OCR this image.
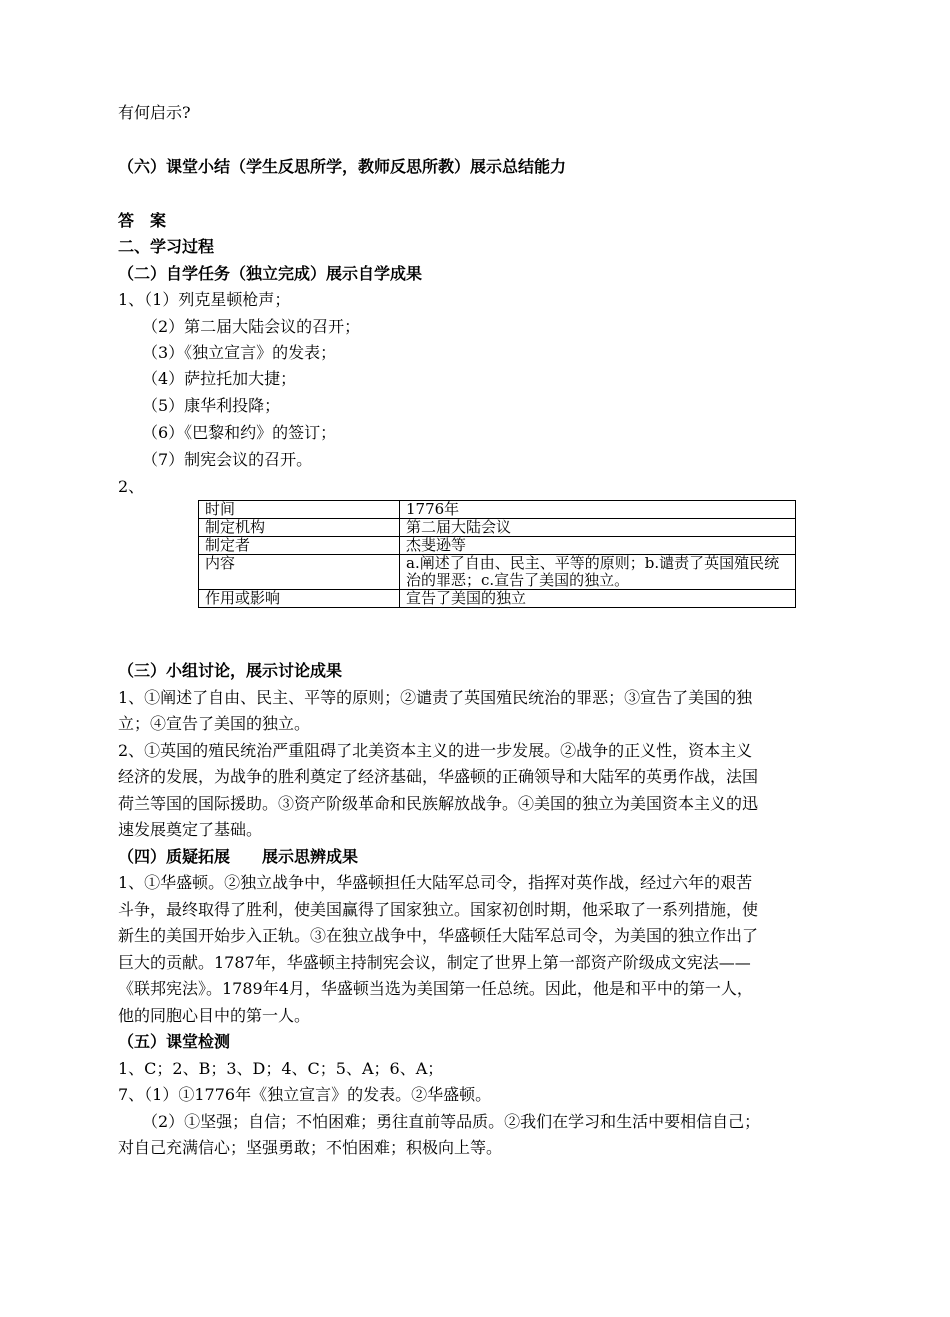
有何启示?
（六）课堂小结（学生反思所学，教师反思所教）展示总结能力
答　案
二、学习过程
（二）自学任务（独立完成）展示自学成果
1、（1）列克星顿枪声；
（2）第二届大陆会议的召开；
（3）《独立宣言》的发表；
（4）萨拉托加大捷；
（5）康华利投降；
（6）《巴黎和约》的签订；
（7）制宪会议的召开。
2、
时间	1776年
制定机构	第二届大陆会议
制定者	杰斐逊等
内容	a.阐述了自由、民主、平等的原则；b.谴责了英国殖民统治的罪恶；c.宣告了美国的独立。
作用或影响	宣告了美国的独立
（三）小组讨论，展示讨论成果
1、①阐述了自由、民主、平等的原则；②谴责了英国殖民统治的罪恶；③宣告了美国的独
立；④宣告了美国的独立。
2、①英国的殖民统治严重阻碍了北美资本主义的进一步发展。②战争的正义性，资本主义
经济的发展，为战争的胜利奠定了经济基础，华盛顿的正确领导和大陆军的英勇作战，法国
荷兰等国的国际援助。③资产阶级革命和民族解放战争。④美国的独立为美国资本主义的迅
速发展奠定了基础。
（四）质疑拓展　　展示思辨成果
1、①华盛顿。②独立战争中，华盛顿担任大陆军总司令，指挥对英作战，经过六年的艰苦
斗争，最终取得了胜利，使美国赢得了国家独立。国家初创时期，他采取了一系列措施，使
新生的美国开始步入正轨。③在独立战争中，华盛顿任大陆军总司令，为美国的独立作出了
巨大的贡献。1787年，华盛顿主持制宪会议，制定了世界上第一部资产阶级成文宪法——
《联邦宪法》。1789年4月，华盛顿当选为美国第一任总统。因此，他是和平中的第一人，
他的同胞心目中的第一人。
（五）课堂检测
1、C；2、B；3、D；4、C；5、A；6、A；
7、（1）①1776年《独立宣言》的发表。②华盛顿。
（2）①坚强；自信；不怕困难；勇往直前等品质。②我们在学习和生活中要相信自己；
对自己充满信心；坚强勇敢；不怕困难；积极向上等。
